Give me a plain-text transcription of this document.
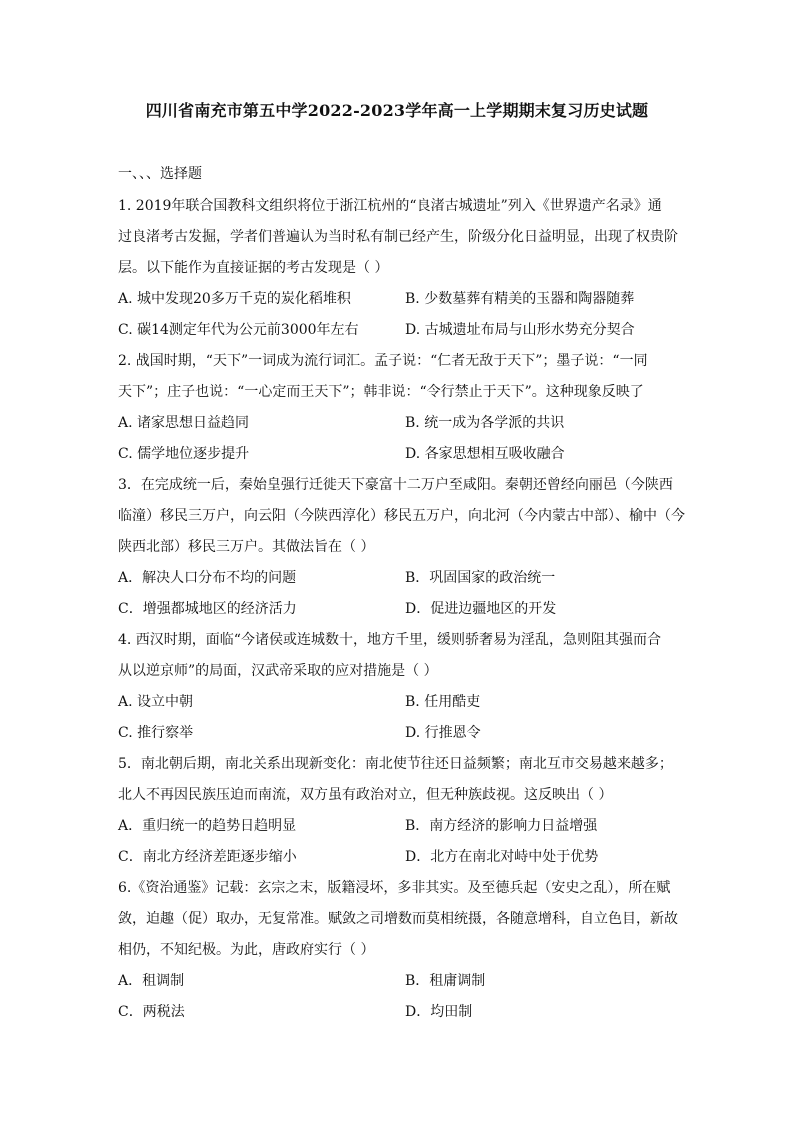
四川省南充市第五中学2022-2023学年高一上学期期末复习历史试题
一、、、选择题
1. 2019年联合国教科文组织将位于浙江杭州的“良渚古城遗址”列入《世界遗产名录》通
过良渚考古发掘，学者们普遍认为当时私有制已经产生，阶级分化日益明显，出现了权贵阶
层。以下能作为直接证据的考古发现是（ ）
A. 城中发现20多万千克的炭化稻堆积	B. 少数墓葬有精美的玉器和陶器随葬
C. 碳14测定年代为公元前3000年左右	D. 古城遗址布局与山形水势充分契合
2. 战国时期，“天下”一词成为流行词汇。孟子说：“仁者无敌于天下”；墨子说：“一同
天下”；庄子也说：“一心定而王天下”；韩非说：“令行禁止于天下”。这种现象反映了
A. 诸家思想日益趋同	B. 统一成为各学派的共识
C. 儒学地位逐步提升	D. 各家思想相互吸收融合
3．在完成统一后，秦始皇强行迁徙天下豪富十二万户至咸阳。秦朝还曾经向丽邑（今陕西
临潼）移民三万户，向云阳（今陕西淳化）移民五万户，向北河（今内蒙古中部）、榆中（今
陕西北部）移民三万户。其做法旨在（ ）
A．解决人口分布不均的问题	B．巩固国家的政治统一
C．增强都城地区的经济活力	D．促进边疆地区的开发
4. 西汉时期，面临“今诸侯或连城数十，地方千里，缓则骄奢易为淫乱，急则阻其强而合
从以逆京师”的局面，汉武帝采取的应对措施是（ ）
A. 设立中朝	B. 任用酷吏
C. 推行察举	D. 行推恩令
5．南北朝后期，南北关系出现新变化：南北使节往还日益频繁；南北互市交易越来越多；
北人不再因民族压迫而南流，双方虽有政治对立，但无种族歧视。这反映出（ ）
A．重归统一的趋势日趋明显	B．南方经济的影响力日益增强
C．南北方经济差距逐步缩小	D．北方在南北对峙中处于优势
6.《资治通鉴》记载：玄宗之末，版籍浸坏，多非其实。及至德兵起（安史之乱），所在赋
敛，迫趣（促）取办，无复常准。赋敛之司增数而莫相统摄，各随意增科，自立色目，新故
相仍，不知纪极。为此，唐政府实行（ ）
A．租调制	B．租庸调制
C．两税法	D．均田制
